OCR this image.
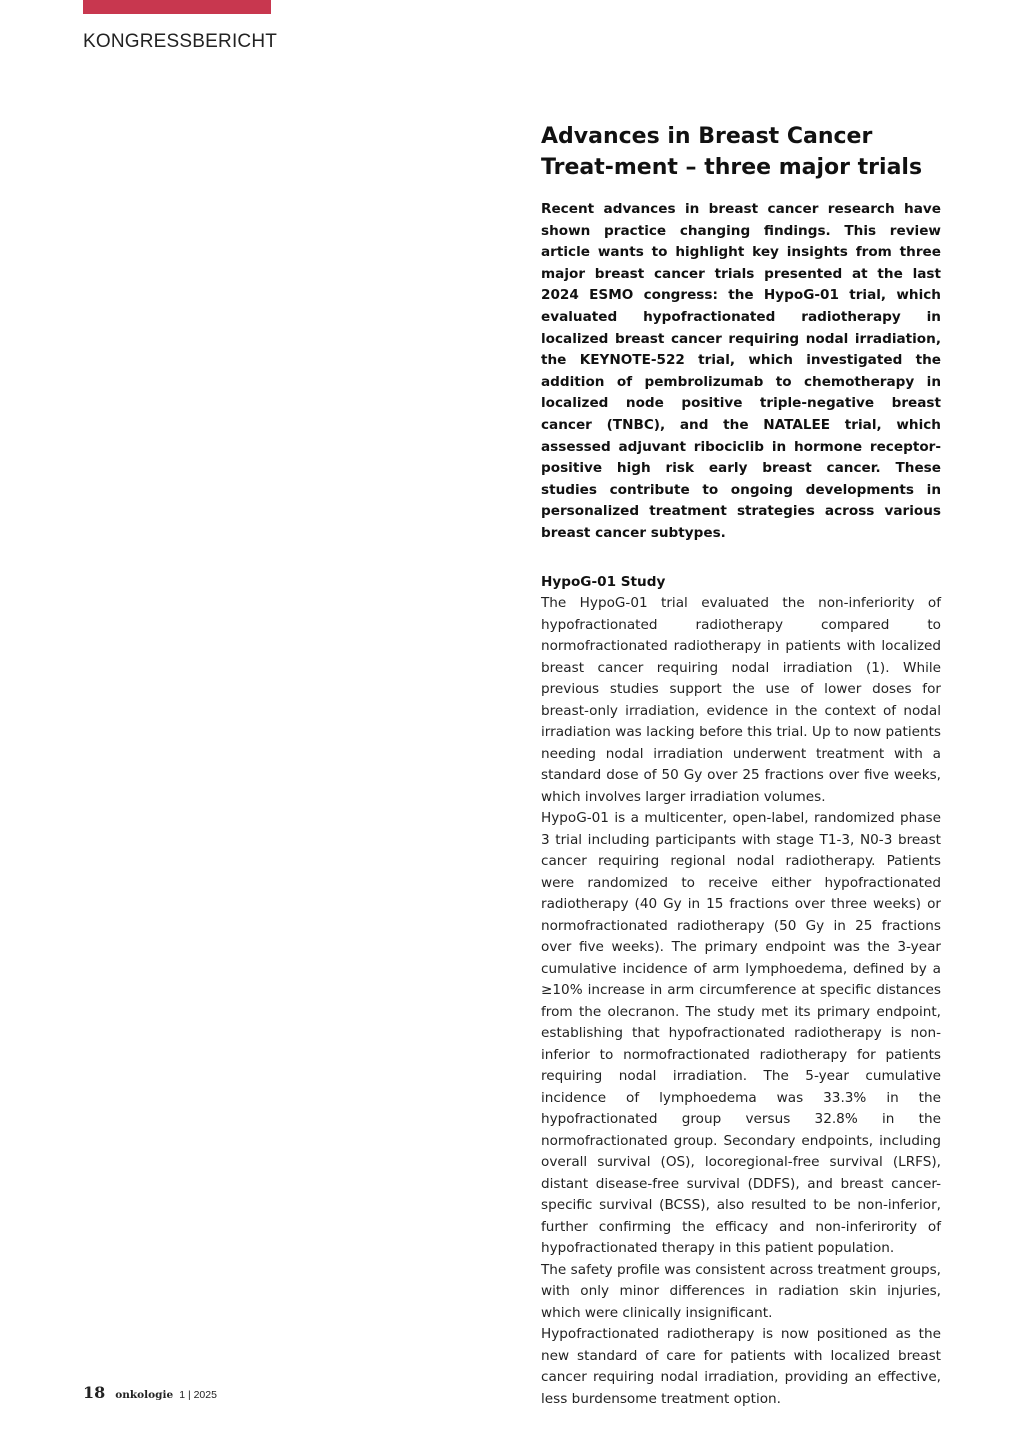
KONGRESSBERICHT
Advances in Breast Cancer Treat-ment – three major trials

Recent advances in breast cancer research have shown practice changing findings. This review article wants to highlight key insights from three major breast cancer trials presented at the last 2024 ESMO congress: the HypoG-01 trial, which evaluated hypofractionated radiotherapy in localized breast cancer requiring nodal irradiation, the KEYNOTE-522 trial, which investigated the addition of pembrolizumab to chemotherapy in localized node positive triple-negative breast cancer (TNBC), and the NATALEE trial, which assessed adjuvant ribociclib in hormone receptor-positive high risk early breast cancer. These studies contribute to ongoing developments in personalized treatment strategies across various breast cancer subtypes.

HypoG-01 Study

The HypoG-01 trial evaluated the non-inferiority of hypofractionated radiotherapy compared to normofractionated radiotherapy in patients with localized breast cancer requiring nodal irradiation (1). While previous studies support the use of lower doses for breast-only irradiation, evidence in the context of nodal irradiation was lacking before this trial. Up to now patients needing nodal irradiation underwent treatment with a standard dose of 50 Gy over 25 fractions over five weeks, which involves larger irradiation volumes.

HypoG-01 is a multicenter, open-label, randomized phase 3 trial including participants with stage T1-3, N0-3 breast cancer requiring regional nodal radiotherapy. Patients were randomized to receive either hypofractionated radiotherapy (40 Gy in 15 fractions over three weeks) or normofractionated radiotherapy (50 Gy in 25 fractions over five weeks). The primary endpoint was the 3-year cumulative incidence of arm lymphoedema, defined by a ≥10% increase in arm circumference at specific distances from the olecranon. The study met its primary endpoint, establishing that hypofractionated radiotherapy is non-inferior to normofractionated radiotherapy for patients requiring nodal irradiation. The 5-year cumulative incidence of lymphoedema was 33.3% in the hypofractionated group versus 32.8% in the normofractionated group. Secondary endpoints, including overall survival (OS), locoregional-free survival (LRFS), distant disease-free survival (DDFS), and breast cancer-specific survival (BCSS), also resulted to be non-inferior, further confirming the efficacy and non-inferirority of hypofractionated therapy in this patient population.

The safety profile was consistent across treatment groups, with only minor differences in radiation skin injuries, which were clinically insignificant.

Hypofractionated radiotherapy is now positioned as the new standard of care for patients with localized breast cancer requiring nodal irradiation, providing an effective, less burdensome treatment option.

18 onkologie 1 | 2025
